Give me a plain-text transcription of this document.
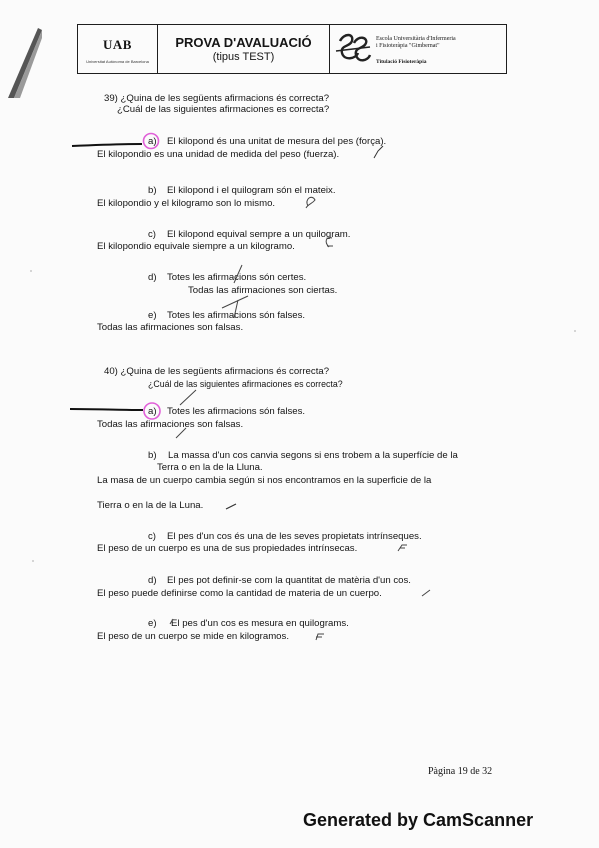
UAB
Universitat Autònoma de Barcelona
PROVA D'AVALUACIÓ
(tipus TEST)
Escola Universitària d'Infermeria
i Fisioteràpia "Gimbernat"
Titulació Fisioteràpia
39) ¿Quina de les següents afirmacions és correcta?
¿Cuál de las siguientes afirmaciones es correcta?
a) El kilopond és una unitat de mesura del pes (força).
El kilopondio es una unidad de medida del peso (fuerza).
b) El kilopond i el quilogram són el mateix.
El kilopondio y el kilogramo son lo mismo.
c) El kilopond equival sempre a un quilogram.
El kilopondio equivale siempre a un kilogramo.
d) Totes les afirmacions són certes.
Todas las afirmaciones son ciertas.
e) Totes les afirmacions són falses.
Todas las afirmaciones son falsas.
40) ¿Quina de les següents afirmacions és correcta?
¿Cuál de las siguientes afirmaciones es correcta?
a) Totes les afirmacions són falses.
Todas las afirmaciones son falsas.
b) La massa d'un cos canvia segons si ens trobem a la superfície de la
Terra o en la de la Lluna.
La masa de un cuerpo cambia según si nos encontramos en la superficie de la
Tierra o en la de la Luna.
c) El pes d'un cos és una de les seves propietats intrínseques.
El peso de un cuerpo es una de sus propiedades intrínsecas.
d) El pes pot definir-se com la quantitat de matèria d'un cos.
El peso puede definirse como la cantidad de materia de un cuerpo.
e) El pes d'un cos es mesura en quilograms.
El peso de un cuerpo se mide en kilogramos.
Pàgina 19 de 32
Generated by CamScanner
